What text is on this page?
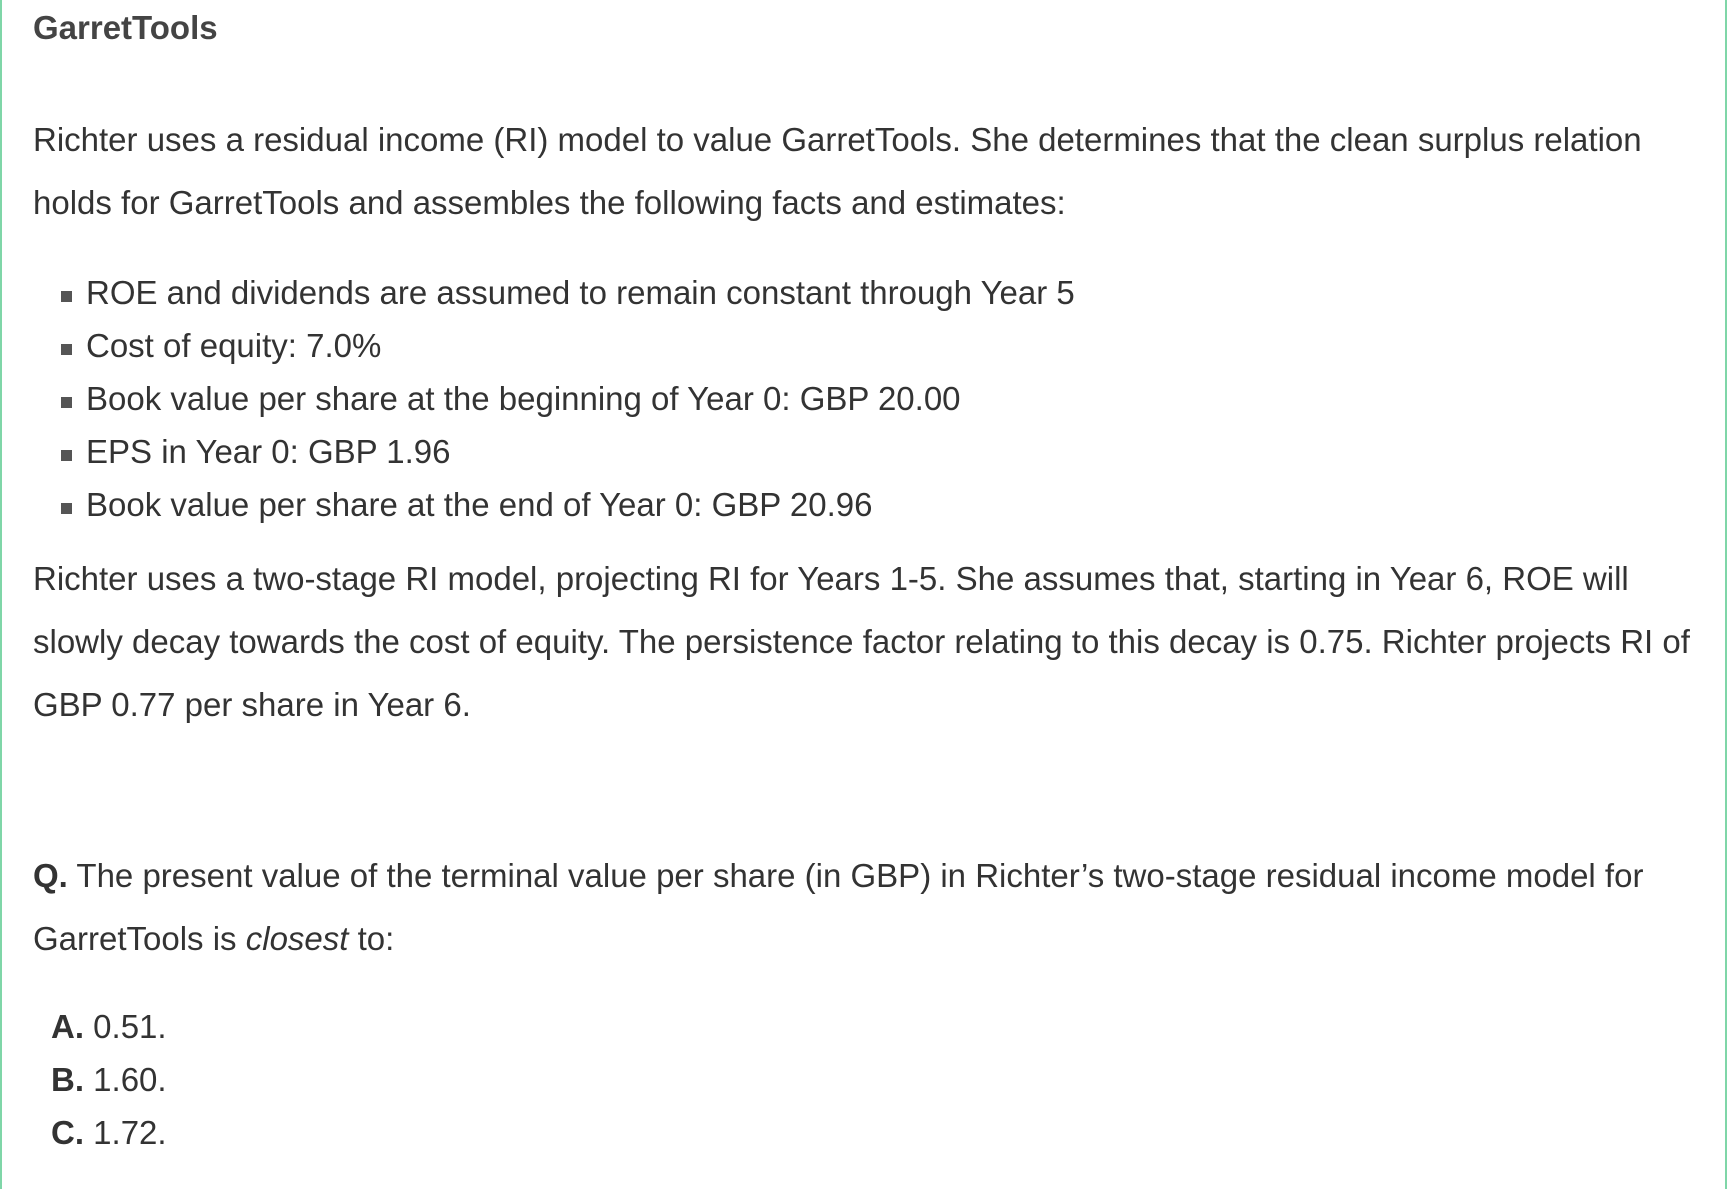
GarretTools

Richter uses a residual income (RI) model to value GarretTools. She determines that the clean surplus relation holds for GarretTools and assembles the following facts and estimates:

ROE and dividends are assumed to remain constant through Year 5
Cost of equity: 7.0%
Book value per share at the beginning of Year 0: GBP 20.00
EPS in Year 0: GBP 1.96
Book value per share at the end of Year 0: GBP 20.96

Richter uses a two-stage RI model, projecting RI for Years 1-5. She assumes that, starting in Year 6, ROE will slowly decay towards the cost of equity. The persistence factor relating to this decay is 0.75. Richter projects RI of GBP 0.77 per share in Year 6.

Q. The present value of the terminal value per share (in GBP) in Richter’s two-stage residual income model for GarretTools is closest to:

A. 0.51.
B. 1.60.
C. 1.72.
